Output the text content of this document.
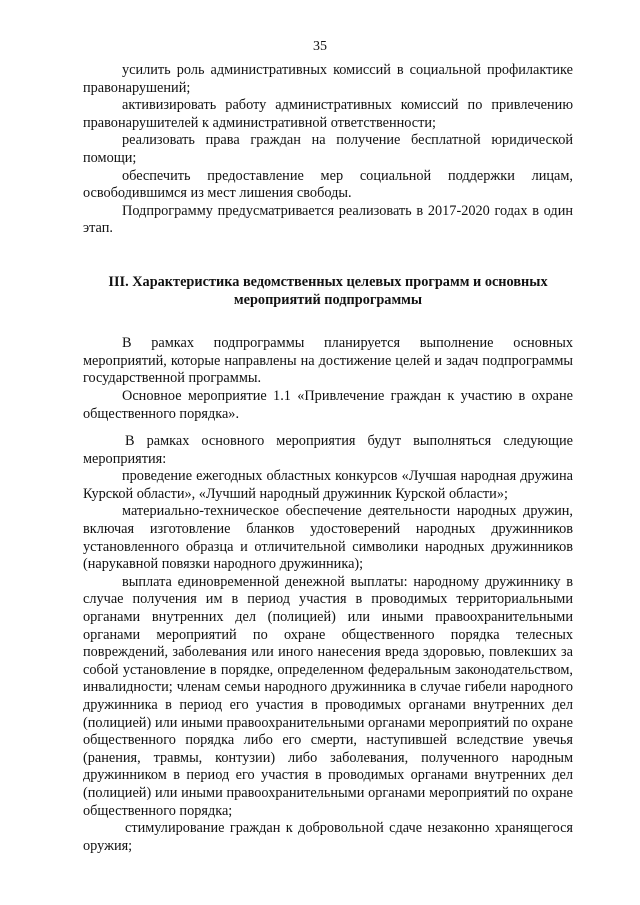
35

усилить роль административных комиссий в социальной профилактике правонарушений;

активизировать работу административных комиссий по привлечению правонарушителей к административной ответственности;

реализовать права граждан на получение бесплатной юридической помощи;

обеспечить предоставление мер социальной поддержки лицам, освободившимся из мест лишения свободы.

Подпрограмму предусматривается реализовать в 2017-2020 годах в один этап.

III. Характеристика ведомственных целевых программ и основных мероприятий подпрограммы

В рамках подпрограммы планируется выполнение основных мероприятий, которые направлены на достижение целей и задач подпрограммы государственной программы.

Основное мероприятие 1.1 «Привлечение граждан к участию в охране общественного порядка».

В рамках основного мероприятия будут выполняться следующие мероприятия:

проведение ежегодных областных конкурсов «Лучшая народная дружина Курской области», «Лучший народный дружинник Курской области»;

материально-техническое обеспечение деятельности народных дружин, включая изготовление бланков удостоверений народных дружинников установленного образца и отличительной символики народных дружинников (нарукавной повязки народного дружинника);

выплата единовременной денежной выплаты: народному дружиннику в случае получения им в период участия в проводимых территориальными органами внутренних дел (полицией) или иными правоохранительными органами мероприятий по охране общественного порядка телесных повреждений, заболевания или иного нанесения вреда здоровью, повлекших за собой установление в порядке, определенном федеральным законодательством, инвалидности; членам семьи народного дружинника в случае гибели народного дружинника в период его участия в проводимых органами внутренних дел (полицией) или иными правоохранительными органами мероприятий по охране общественного порядка либо его смерти, наступившей вследствие увечья (ранения, травмы, контузии) либо заболевания, полученного народным дружинником в период его участия в проводимых органами внутренних дел (полицией) или иными правоохранительными органами мероприятий по охране общественного порядка;

стимулирование граждан к добровольной сдаче незаконно хранящегося оружия;
